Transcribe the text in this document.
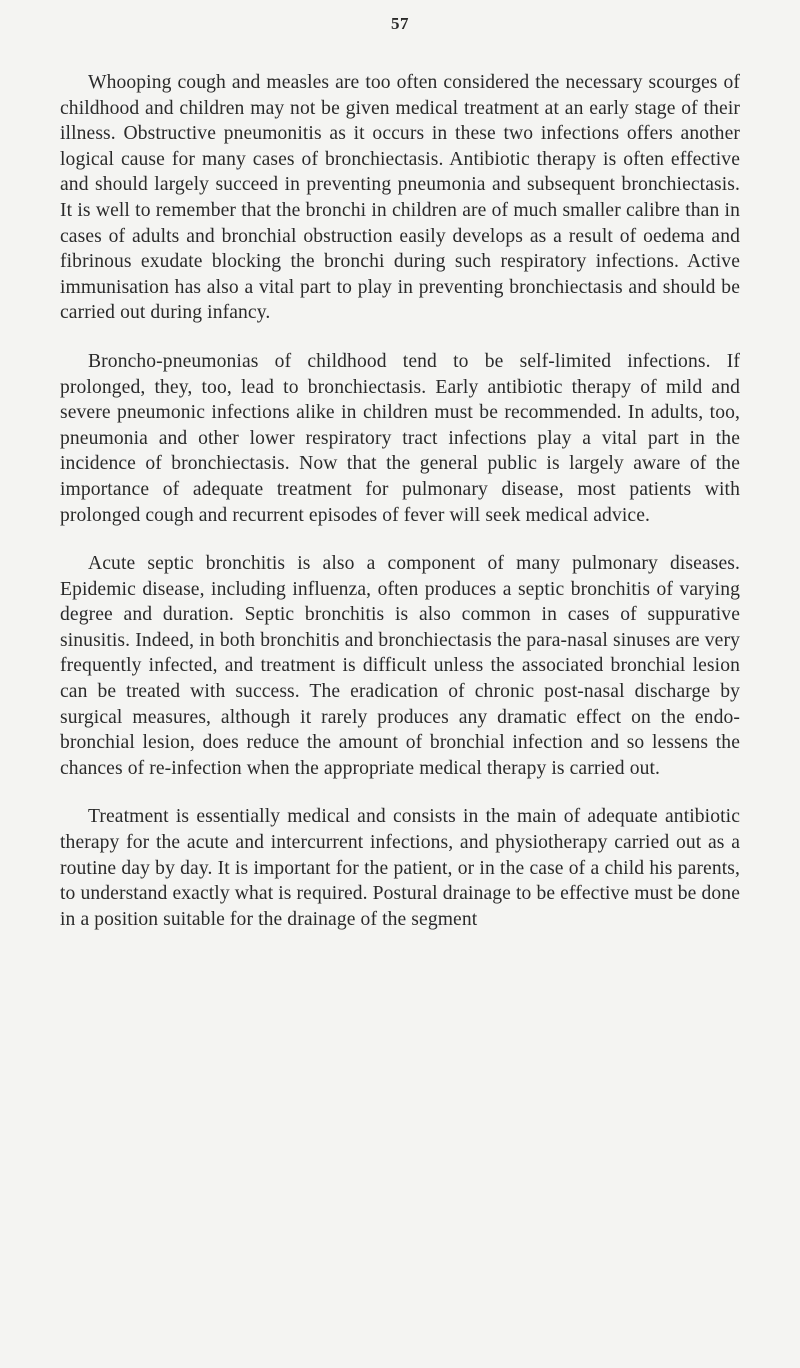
57

Whooping cough and measles are too often considered the necessary scourges of childhood and children may not be given medical treatment at an early stage of their illness. Obstructive pneumonitis as it occurs in these two infections offers another logical cause for many cases of bronchiectasis. Antibiotic therapy is often effective and should largely succeed in preventing pneumonia and subsequent bronchiectasis. It is well to remember that the bronchi in children are of much smaller calibre than in cases of adults and bronchial obstruction easily develops as a result of oedema and fibrinous exudate blocking the bronchi during such respiratory infections. Active immunisation has also a vital part to play in preventing bronchiectasis and should be carried out during infancy.

Broncho-pneumonias of childhood tend to be self-limited infections. If prolonged, they, too, lead to bronchiectasis. Early antibiotic therapy of mild and severe pneumonic infections alike in children must be recommended. In adults, too, pneumonia and other lower respiratory tract infections play a vital part in the incidence of bronchiectasis. Now that the general public is largely aware of the importance of adequate treatment for pulmonary disease, most patients with prolonged cough and recurrent episodes of fever will seek medical advice.

Acute septic bronchitis is also a component of many pulmonary diseases. Epidemic disease, including influenza, often produces a septic bronchitis of varying degree and duration. Septic bronchitis is also common in cases of suppurative sinusitis. Indeed, in both bronchitis and bronchiectasis the para-nasal sinuses are very frequently infected, and treatment is difficult unless the associated bronchial lesion can be treated with success. The eradication of chronic post-nasal discharge by surgical measures, although it rarely produces any dramatic effect on the endo-bronchial lesion, does reduce the amount of bronchial infection and so lessens the chances of re-infection when the appropriate medical therapy is carried out.

Treatment is essentially medical and consists in the main of adequate antibiotic therapy for the acute and intercurrent infections, and physiotherapy carried out as a routine day by day. It is important for the patient, or in the case of a child his parents, to understand exactly what is required. Postural drainage to be effective must be done in a position suitable for the drainage of the segment
